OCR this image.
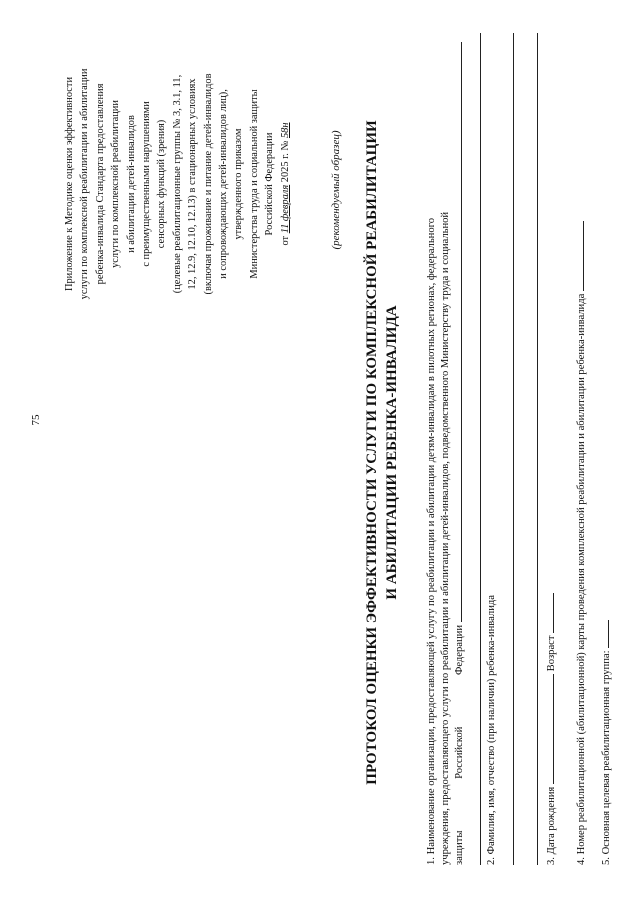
75
Приложение к Методике оценки эффективности услуги по комплексной реабилитации и абилитации ребенка-инвалида Стандарта предоставления услуги по комплексной реабилитации и абилитации детей-инвалидов с преимущественными нарушениями сенсорных функций (зрения) (целевые реабилитационные группы № 3, 3.1, 11, 12, 12.9, 12.10, 12.13) в стационарных условиях (включая проживание и питание детей-инвалидов и сопровождающих детей-инвалидов лиц), утвержденного приказом Министерства труда и социальной защиты Российской Федерации
от 11 февраля 2025 г. № 58н
(рекомендуемый образец) ПРОТОКОЛ ОЦЕНКИ ЭФФЕКТИВНОСТИ УСЛУГИ ПО КОМПЛЕКСНОЙ РЕАБИЛИТАЦИИ И АБИЛИТАЦИИ РЕБЕНКА-ИНВАЛИДА 1. Наименование организации, предоставляющей услугу по реабилитации и абилитации детям-инвалидам в пилотных регионах, федерального учреждения, предоставляющего услуги по реабилитации и абилитации детей-инвалидов, подведомственного Министерству труда и социальной защиты
Российской
Федерации
2. Фамилия, имя, отчество (при наличии) ребенка-инвалида	3. Дата рождения  Возраст 4. Номер реабилитационной (абилитационной) карты проведения комплексной реабилитации и абилитации ребенка-инвалида 5. Основная целевая реабилитационная группа:
